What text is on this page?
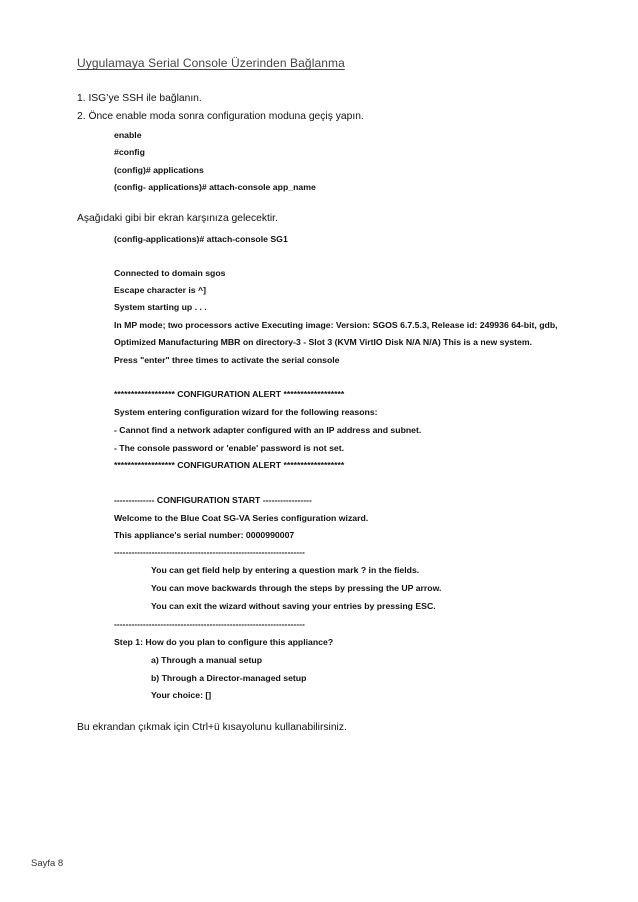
Uygulamaya Serial Console Üzerinden Bağlanma
1. ISG’ye SSH ile bağlanın.
2. Önce enable moda sonra configuration moduna geçiş yapın.
enable
#config
(config)# applications
(config- applications)# attach-console app_name
Aşağıdaki gibi bir ekran karşınıza gelecektir.
(config-applications)# attach-console SG1
Connected to domain sgos
Escape character is ^]
System starting up . . .
In MP mode; two processors active Executing image: Version: SGOS 6.7.5.3, Release id: 249936 64-bit, gdb,
Optimized Manufacturing MBR on directory-3 - Slot 3 (KVM VirtIO Disk N/A N/A) This is a new system.
Press "enter" three times to activate the serial console
****************** CONFIGURATION ALERT ******************
System entering configuration wizard for the following reasons:
- Cannot find a network adapter configured with an IP address and subnet.
- The console password or 'enable' password is not set.
****************** CONFIGURATION ALERT ******************
-------------- CONFIGURATION START -----------------
Welcome to the Blue Coat SG-VA Series configuration wizard.
This appliance's serial number: 0000990007
------------------------------------------------------------------
You can get field help by entering a question mark ? in the fields.
You can move backwards through the steps by pressing the UP arrow.
You can exit the wizard without saving your entries by pressing ESC.
------------------------------------------------------------------
Step 1: How do you plan to configure this appliance?
a) Through a manual setup
b) Through a Director-managed setup
Your choice: []
Bu ekrandan çıkmak için Ctrl+ü kısayolunu kullanabilirsiniz.
Sayfa 8
